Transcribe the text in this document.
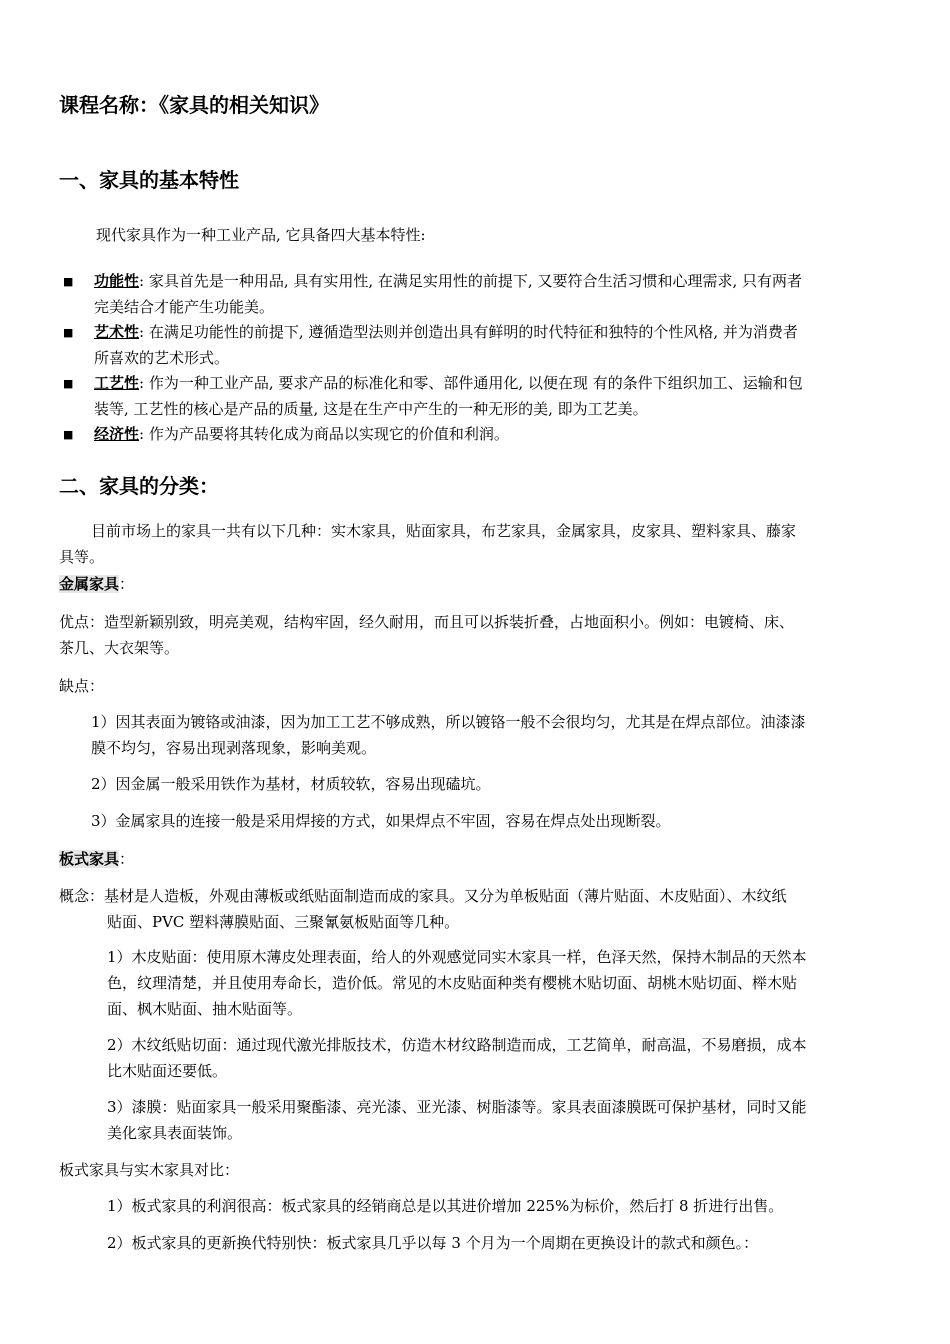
课程名称：《家具的相关知识》
一、家具的基本特性
现代家具作为一种工业产品, 它具备四大基本特性:
■ 功能性: 家具首先是一种用品, 具有实用性, 在满足实用性的前提下, 又要符合生活习惯和心理需求, 只有两者
完美结合才能产生功能美。
■ 艺术性: 在满足功能性的前提下, 遵循造型法则并创造出具有鲜明的时代特征和独特的个性风格, 并为消费者
所喜欢的艺术形式。
■ 工艺性: 作为一种工业产品, 要求产品的标准化和零、部件通用化, 以便在现 有的条件下组织加工、运输和包
装等, 工艺性的核心是产品的质量, 这是在生产中产生的一种无形的美, 即为工艺美。
■ 经济性: 作为产品要将其转化成为商品以实现它的价值和利润。
二、家具的分类：
目前市场上的家具一共有以下几种：实木家具，贴面家具，布艺家具，金属家具，皮家具、塑料家具、藤家
具等。
金属家具：
优点：造型新颖别致，明亮美观，结构牢固，经久耐用，而且可以拆装折叠，占地面积小。例如：电镀椅、床、
茶几、大衣架等。
缺点：
1）因其表面为镀铬或油漆，因为加工工艺不够成熟，所以镀铬一般不会很均匀，尤其是在焊点部位。油漆漆
膜不均匀，容易出现剥落现象，影响美观。
2）因金属一般采用铁作为基材，材质较软，容易出现磕坑。
3）金属家具的连接一般是采用焊接的方式，如果焊点不牢固，容易在焊点处出现断裂。
板式家具：
概念：基材是人造板，外观由薄板或纸贴面制造而成的家具。又分为单板贴面（薄片贴面、木皮贴面）、木纹纸
贴面、PVC 塑料薄膜贴面、三聚氰氨板贴面等几种。
1）木皮贴面：使用原木薄皮处理表面，给人的外观感觉同实木家具一样，色泽天然，保持木制品的天然本
色，纹理清楚，并且使用寿命长，造价低。常见的木皮贴面种类有樱桃木贴切面、胡桃木贴切面、榉木贴
面、枫木贴面、抽木贴面等。
2）木纹纸贴切面：通过现代激光排版技术，仿造木材纹路制造而成，工艺简单，耐高温，不易磨损，成本
比木贴面还要低。
3）漆膜：贴面家具一般采用聚酯漆、亮光漆、亚光漆、树脂漆等。家具表面漆膜既可保护基材，同时又能
美化家具表面装饰。
板式家具与实木家具对比：
1）板式家具的利润很高：板式家具的经销商总是以其进价增加 225%为标价，然后打 8 折进行出售。
2）板式家具的更新换代特别快：板式家具几乎以每 3 个月为一个周期在更换设计的款式和颜色。：
